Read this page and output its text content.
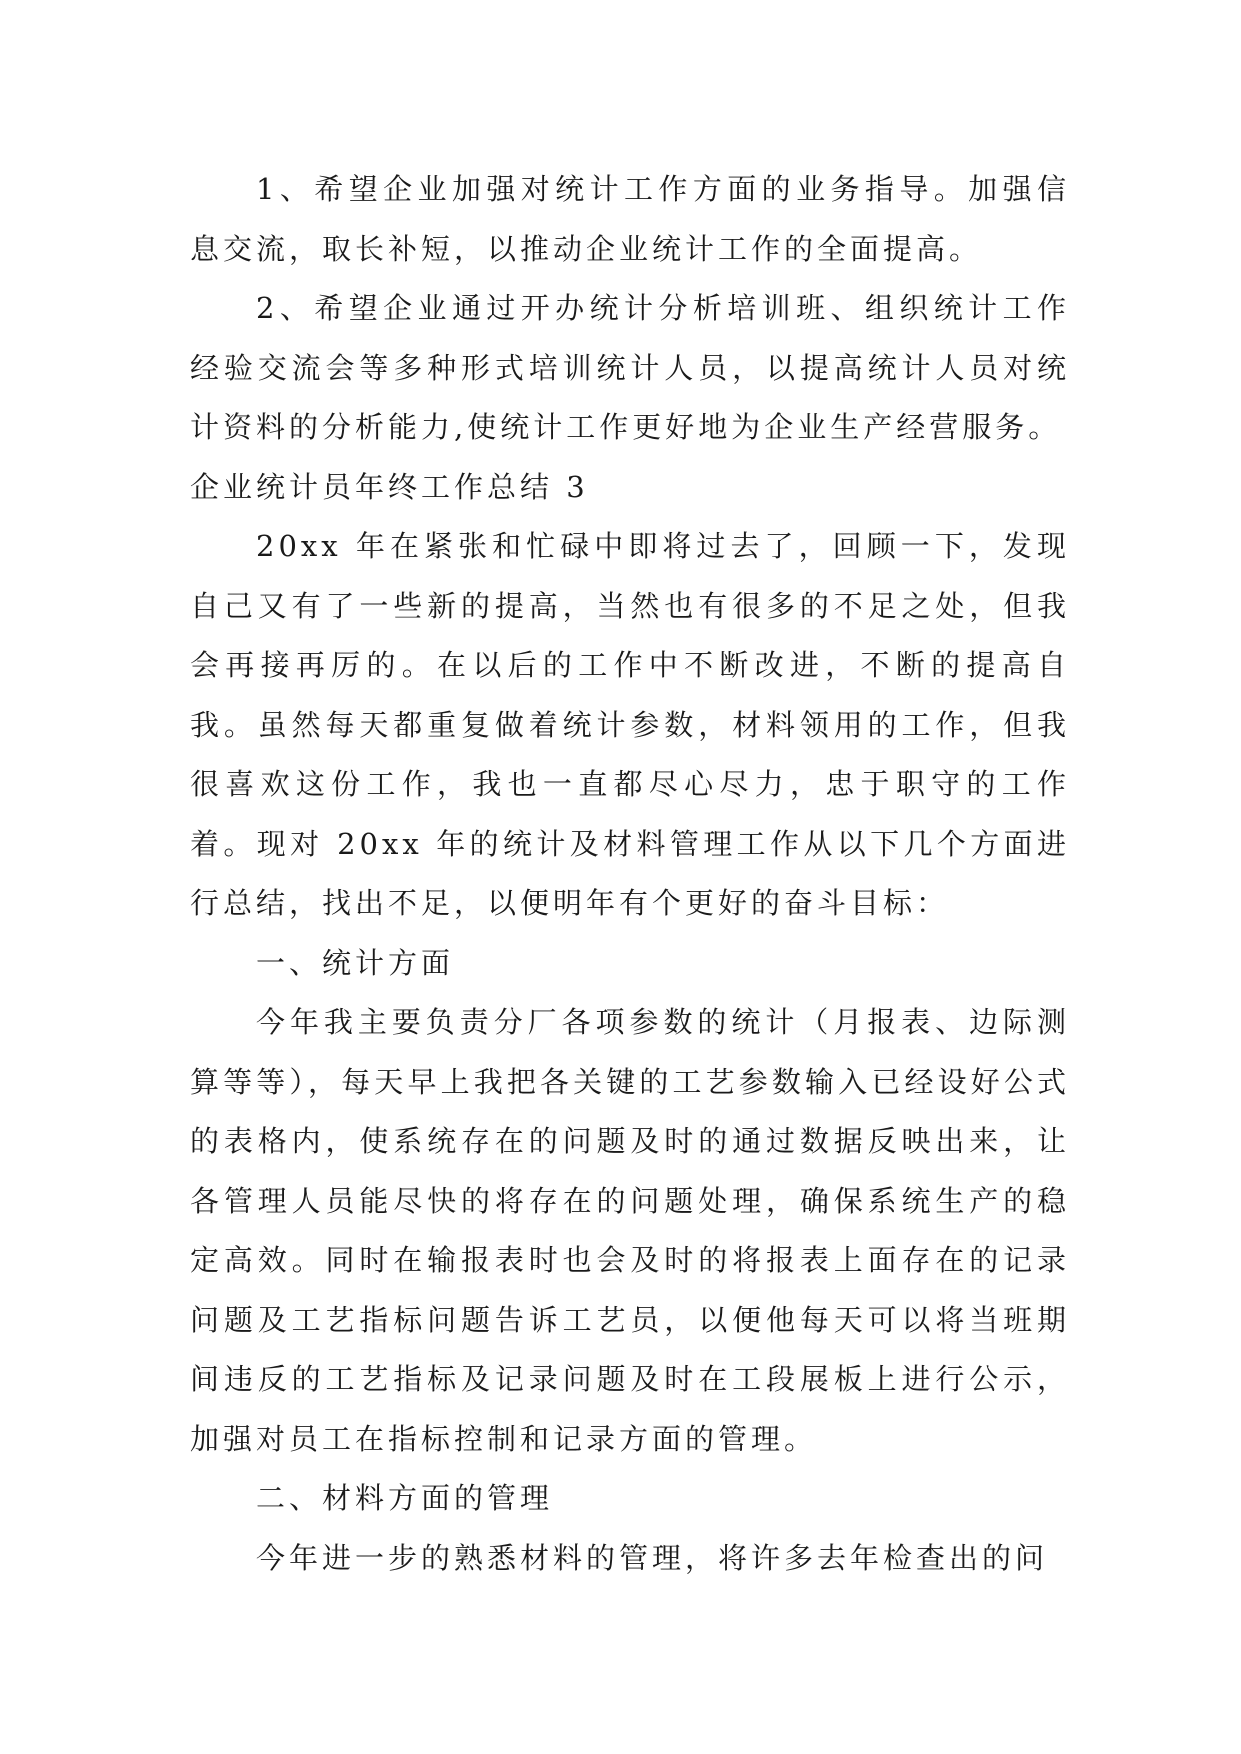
1、希望企业加强对统计工作方面的业务指导。加强信息交流，取长补短，以推动企业统计工作的全面提高。

2、希望企业通过开办统计分析培训班、组织统计工作经验交流会等多种形式培训统计人员，以提高统计人员对统计资料的分析能力,使统计工作更好地为企业生产经营服务。

企业统计员年终工作总结 3

20xx 年在紧张和忙碌中即将过去了，回顾一下，发现自己又有了一些新的提高，当然也有很多的不足之处，但我会再接再厉的。在以后的工作中不断改进，不断的提高自我。虽然每天都重复做着统计参数，材料领用的工作，但我很喜欢这份工作，我也一直都尽心尽力，忠于职守的工作着。现对 20xx 年的统计及材料管理工作从以下几个方面进行总结，找出不足，以便明年有个更好的奋斗目标：

一、统计方面

今年我主要负责分厂各项参数的统计（月报表、边际测算等等），每天早上我把各关键的工艺参数输入已经设好公式的表格内，使系统存在的问题及时的通过数据反映出来，让各管理人员能尽快的将存在的问题处理，确保系统生产的稳定高效。同时在输报表时也会及时的将报表上面存在的记录问题及工艺指标问题告诉工艺员，以便他每天可以将当班期间违反的工艺指标及记录问题及时在工段展板上进行公示，加强对员工在指标控制和记录方面的管理。

二、材料方面的管理

今年进一步的熟悉材料的管理，将许多去年检查出的问
